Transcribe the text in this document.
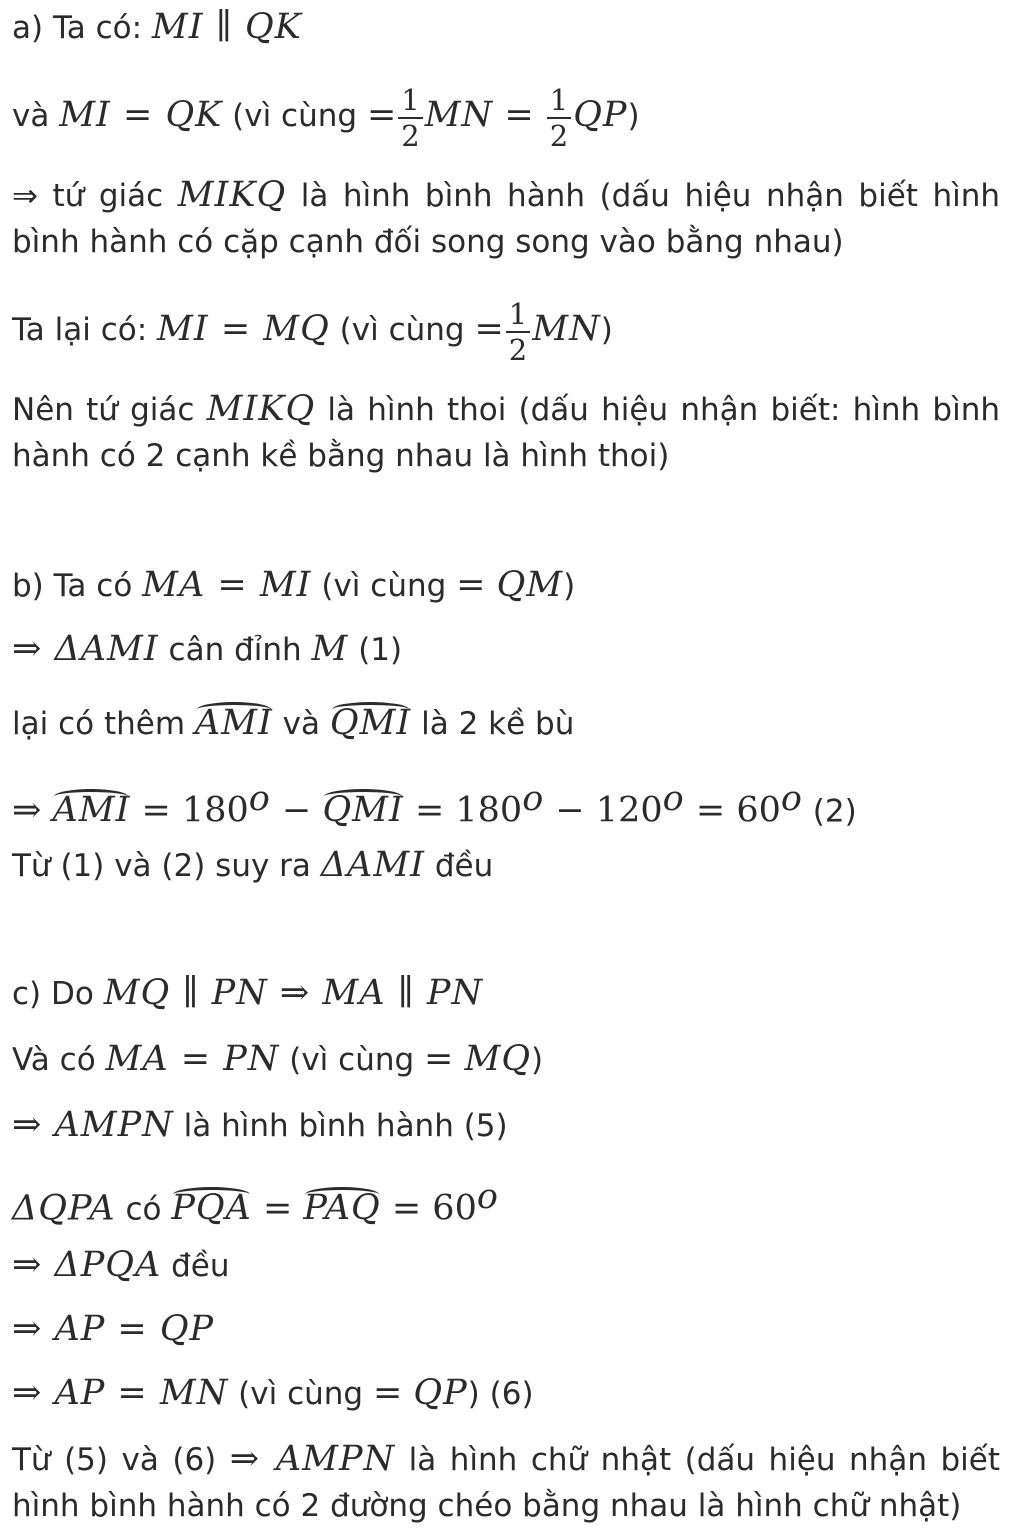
a) Ta có: MI ∥ QK
và MI = QK (vì cùng = $\frac{1}{2}$ MN = $\frac{1}{2} QP$)
⇒ tứ giác MIKQ là hình bình hành (dấu hiệu nhận biết hình bình hành có cặp cạnh đối song song vào bằng nhau)
Ta lại có: MI = MQ (vì cùng = $\frac{1}{2} MN$)
Nên tứ giác MIKQ là hình thoi (dấu hiệu nhận biết: hình bình hành có 2 cạnh kề bằng nhau là hình thoi)
b) Ta có MA = MI (vì cùng = QM)
⇒ ΔAMI cân đỉnh M (1)
lại có thêm AMI và QMI là 2 kề bù
⇒ AMI = $180^o$ − QMI = $180^o - 120^o = 60^o$ (2)
Từ (1) và (2) suy ra ΔAMI đều
c) Do MQ ∥ PN ⇒ MA ∥ PN
Và có MA = PN (vì cùng = MQ)
⇒ AMPN là hình bình hành (5)
ΔQPA có PQA = PAQ = $60^o$
⇒ ΔPQA đều
⇒ AP = QP
⇒ AP = MN (vì cùng = QP) (6)
Từ (5) và (6) ⇒ AMPN là hình chữ nhật (dấu hiệu nhận biết hình bình hành có 2 đường chéo bằng nhau là hình chữ nhật)
